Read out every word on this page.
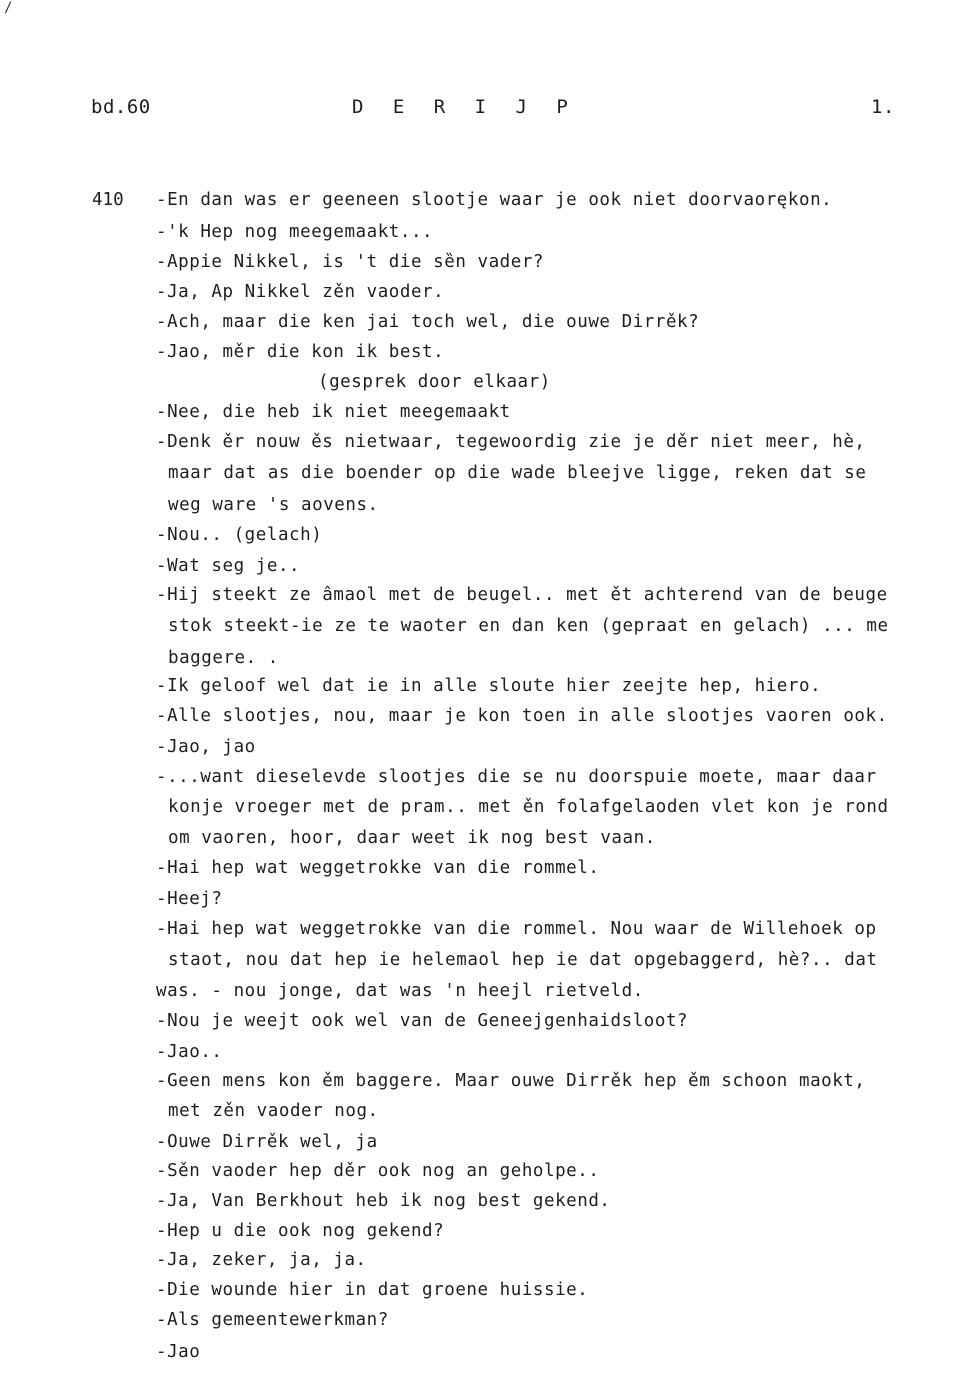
/
bd.60	D E R I J P	1.
410 -En dan was er geeneen slootje waar je ook niet doorvaorękon.
-'k Hep nog meegemaakt...
-Appie Nikkel, is 't die sȅn vader?
-Ja, Ap Nikkel zěn vaoder.
-Ach, maar die ken jai toch wel, die ouwe Dirrěk?
-Jao, měr die kon ik best.
(gesprek door elkaar)
-Nee, die heb ik niet meegemaakt
-Denk ěr nouw ěs nietwaar, tegewoordig zie je děr niet meer, hè,
maar dat as die boender op die wade bleejve ligge, reken dat se
weg ware 's aovens.
-Nou.. (gelach)
-Wat seg je..
-Hij steekt ze âmaol met de beugel.. met ět achterend van de beuge
stok steekt-ie ze te waoter en dan ken (gepraat en gelach) ... me
baggere. .
-Ik geloof wel dat ie in alle sloute hier zeejte hep, hiero.
-Alle slootjes, nou, maar je kon toen in alle slootjes vaoren ook.
-Jao, jao
-...want dieselevde slootjes die se nu doorspuie moete, maar daar
konje vroeger met de pram.. met ěn folafgelaoden vlet kon je rond
om vaoren, hoor, daar weet ik nog best vaan.
-Hai hep wat weggetrokke van die rommel.
-Heej?
-Hai hep wat weggetrokke van die rommel. Nou waar de Willehoek op
staot, nou dat hep ie helemaol hep ie dat opgebaggerd, hè?.. dat
was. - nou jonge, dat was 'n heejl rietveld.
-Nou je weejt ook wel van de Geneejgenhaidsloot?
-Jao..
-Geen mens kon ěm baggere. Maar ouwe Dirrěk hep ěm schoon maokt,
met zěn vaoder nog.
-Ouwe Dirrěk wel, ja
-Sěn vaoder hep děr ook nog an geholpe..
-Ja, Van Berkhout heb ik nog best gekend.
-Hep u die ook nog gekend?
-Ja, zeker, ja, ja.
-Die wounde hier in dat groene huissie.
-Als gemeentewerkman?
-Jao
